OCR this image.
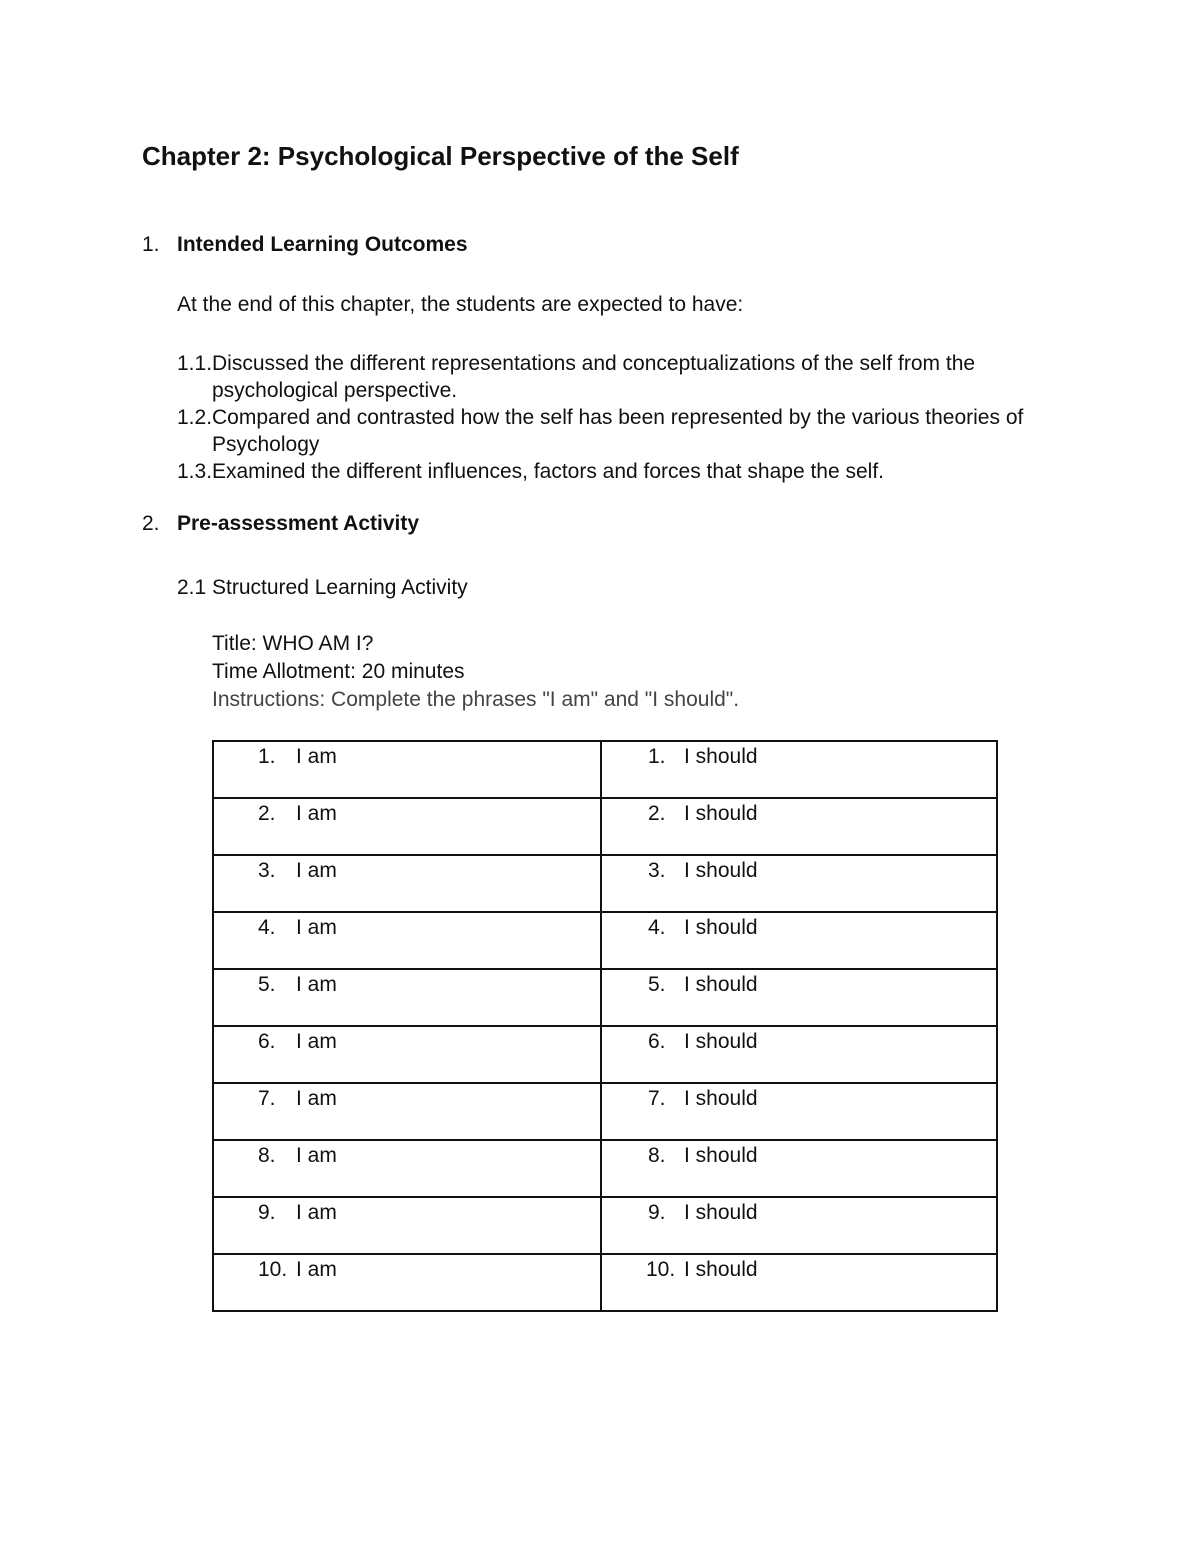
Chapter 2: Psychological Perspective of the Self
1. Intended Learning Outcomes
At the end of this chapter, the students are expected to have:
1.1. Discussed the different representations and conceptualizations of the self from the psychological perspective.
1.2. Compared and contrasted how the self has been represented by the various theories of Psychology
1.3. Examined the different influences, factors and forces that shape the self.
2. Pre-assessment Activity
2.1 Structured Learning Activity
Title: WHO AM I?
Time Allotment: 20 minutes
Instructions: Complete the phrases "I am" and "I should".
1. I am	1. I should

2. I am	2. I should

3. I am	3. I should

4. I am	4. I should

5. I am	5. I should

6. I am	6. I should

7. I am	7. I should

8. I am	8. I should

9. I am	9. I should

10. I am	10. I should
